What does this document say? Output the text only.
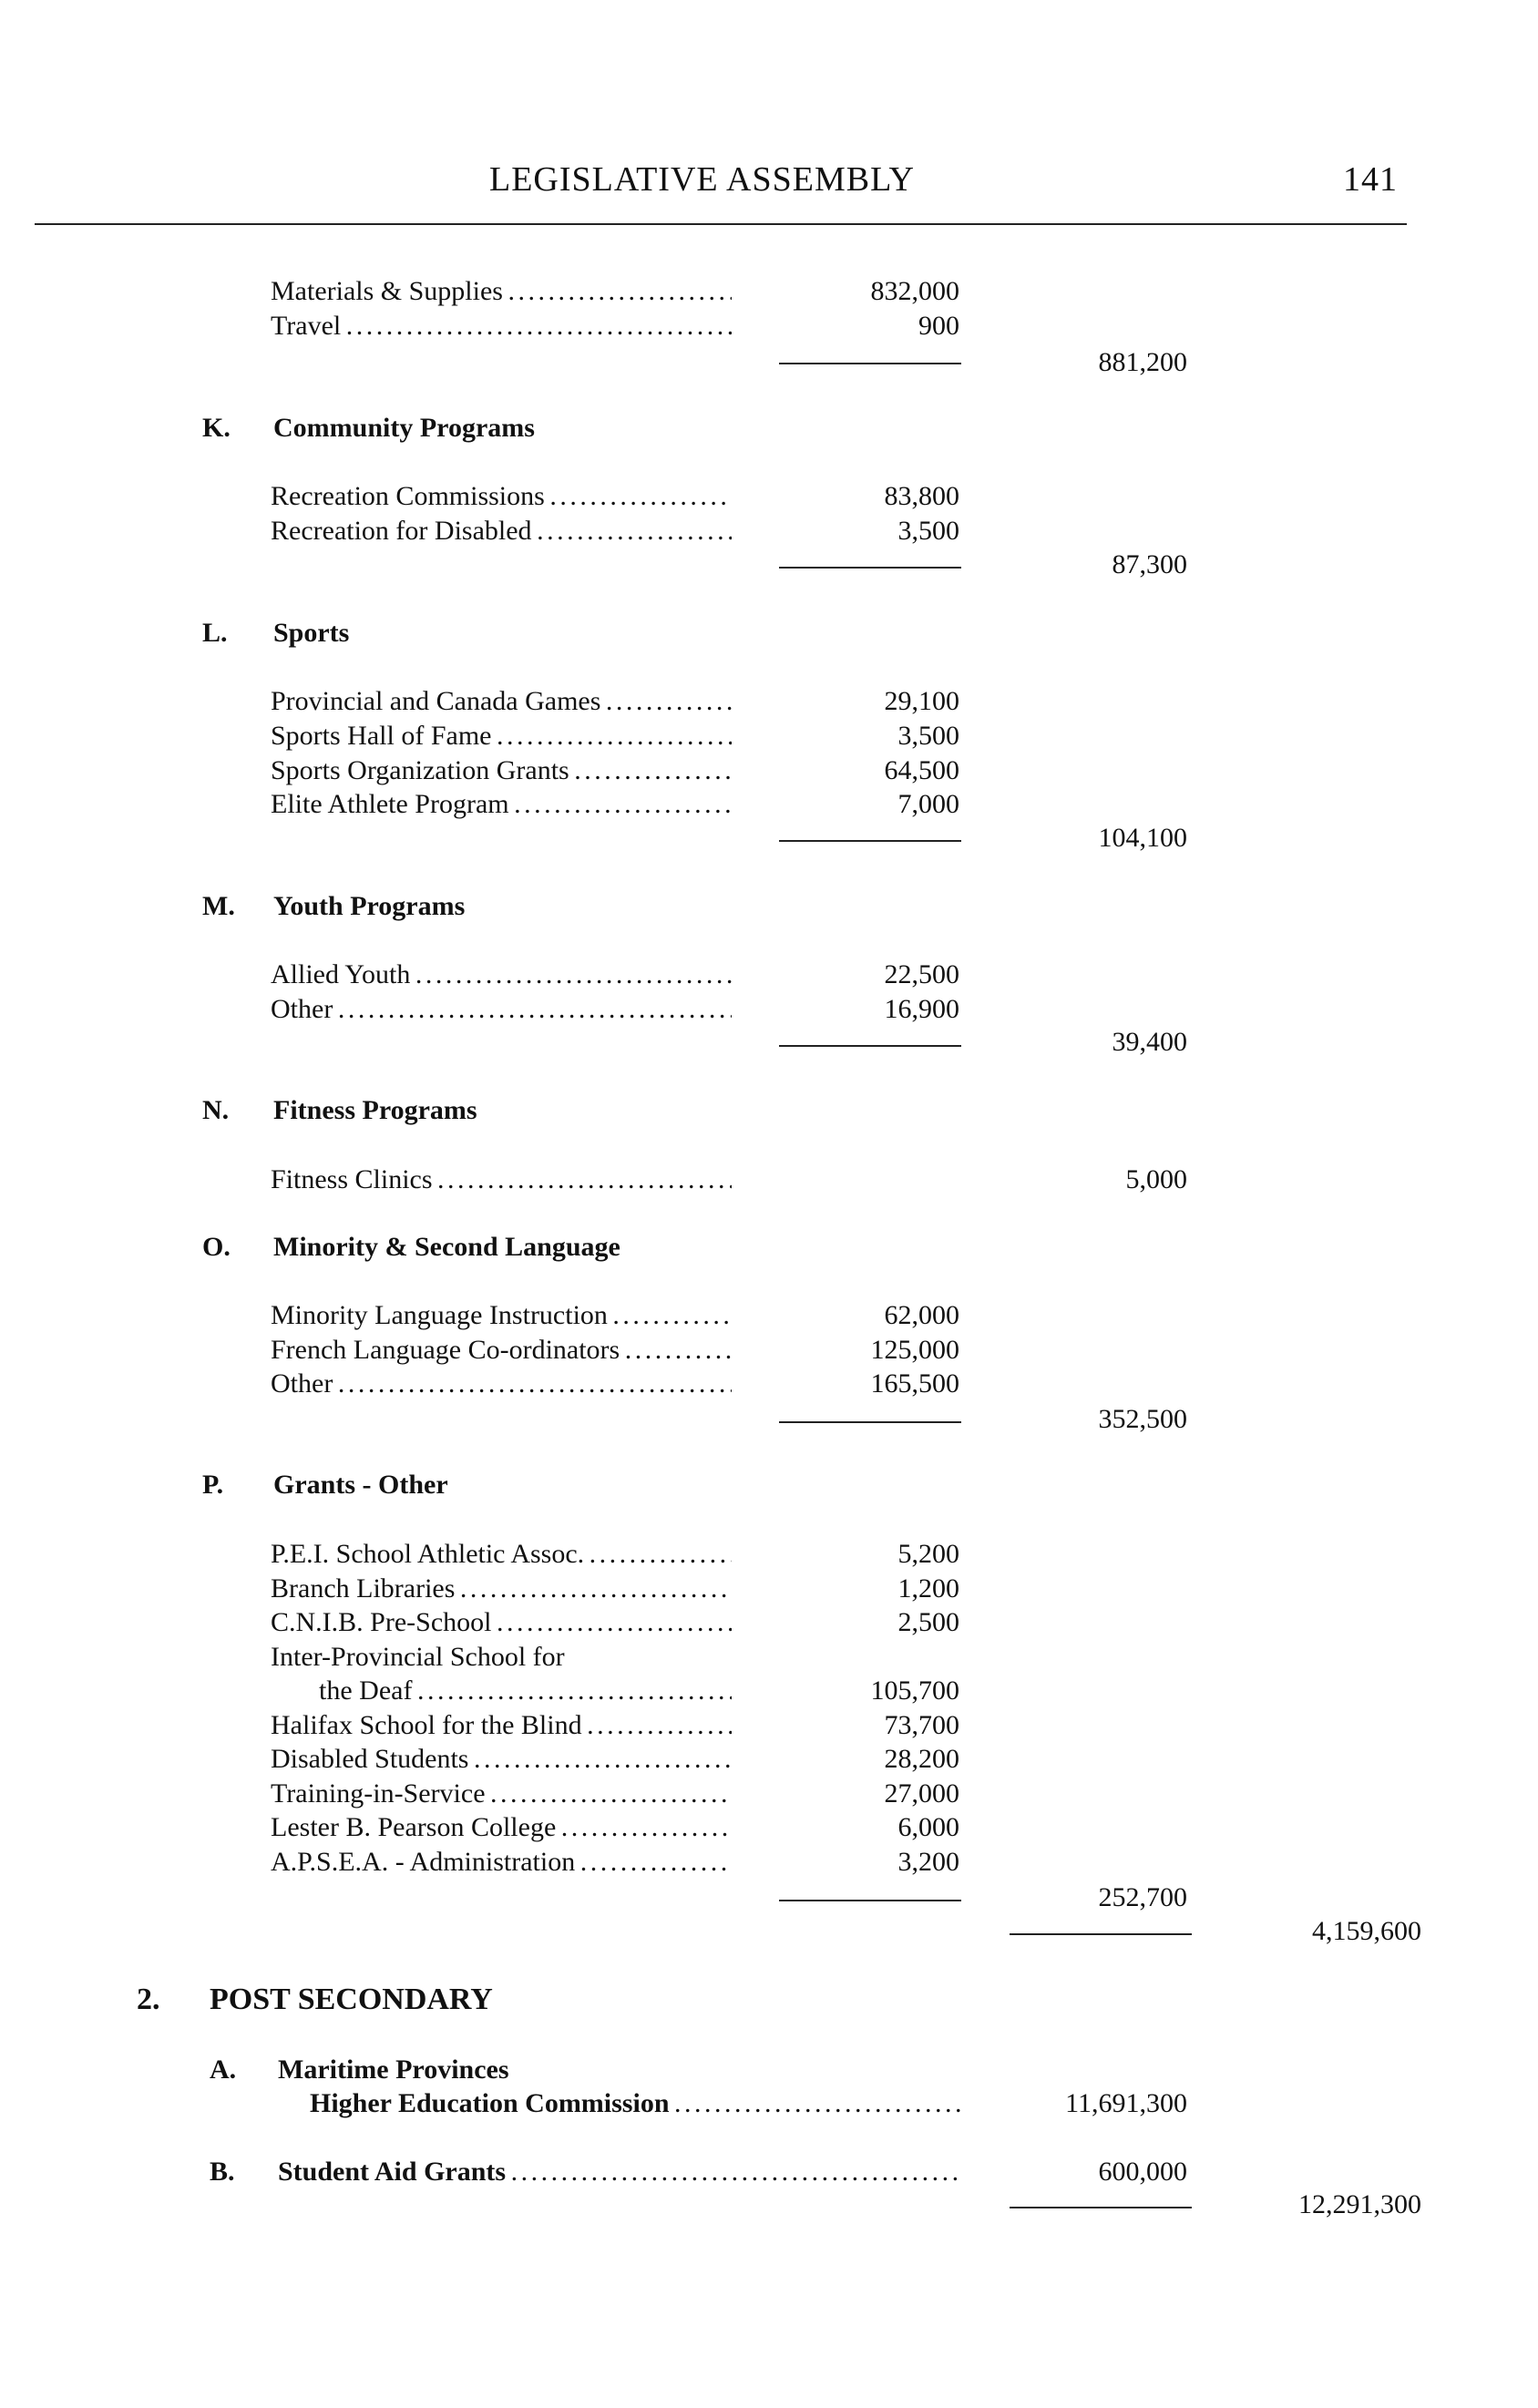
LEGISLATIVE ASSEMBLY	141
Materials & Supplies . . .	832,000
Travel . . .	900
881,200
K. Community Programs
Recreation Commissions . . .	83,800
Recreation for Disabled . . .	3,500
87,300
L. Sports
Provincial and Canada Games . . .	29,100
Sports Hall of Fame . . .	3,500
Sports Organization Grants . . .	64,500
Elite Athlete Program . . .	7,000
104,100
M. Youth Programs
Allied Youth . . .	22,500
Other . . .	16,900
39,400
N. Fitness Programs
Fitness Clinics . . .	5,000
O. Minority & Second Language
Minority Language Instruction . . .	62,000
French Language Co-ordinators . . .	125,000
Other . . .	165,500
352,500
P. Grants - Other
P.E.I. School Athletic Assoc. . . .	5,200
Branch Libraries . . .	1,200
C.N.I.B. Pre-School . . .	2,500
Inter-Provincial School for
the Deaf . . .	105,700
Halifax School for the Blind . . .	73,700
Disabled Students . . .	28,200
Training-in-Service . . .	27,000
Lester B. Pearson College . . .	6,000
A.P.S.E.A. - Administration . . .	3,200
252,700
4,159,600
2. POST SECONDARY
A. Maritime Provinces
Higher Education Commission . . .	11,691,300
B. Student Aid Grants . . .	600,000
12,291,300
